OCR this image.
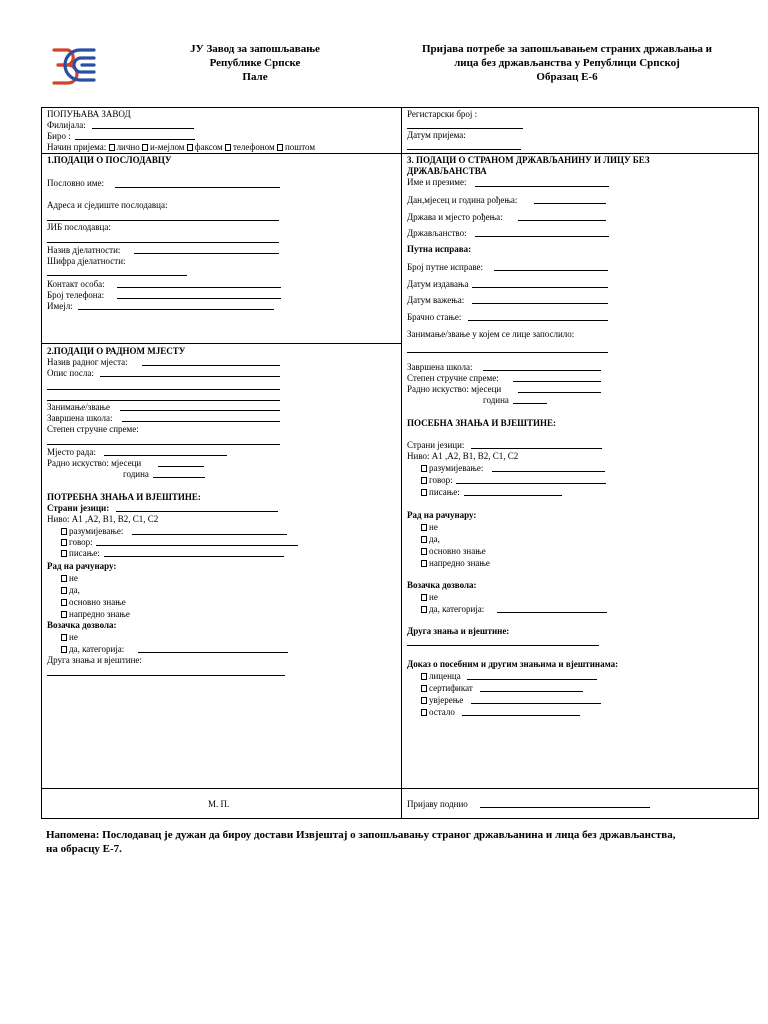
ЈУ Завод за запошљавање
Републике Српске
Пале
Пријава потребе за запошљавањем страних држављања и
лица без држављанства у Републици Српској
Образац Е-6
ПОПУЊАВА ЗАВОД
Филијала:
Биро :
Начин пријема: лично и-мејлом факсом телефоном поштом
Регистарски број :
Датум пријема:
1.ПОДАЦИ О ПОСЛОДАВЦУ
Пословно име:
Адреса и сједиште послодавца:
ЈИБ послодавца:
Назив дјелатности:
Шифра дјелатности:
Контакт особа:
Број телефона:
Имејл:
2.ПОДАЦИ О РАДНОМ МЈЕСТУ
Назив радног мјеста:
Опис посла:
Занимање/звање
Завршена школа:
Степен стручне спреме:
Мјесто рада:
Радно искуство: мјесеци
година
ПОТРЕБНА ЗНАЊА И ВЈЕШТИНЕ:
Страни језици:
Ниво: А1 ,А2, В1, В2, С1, С2
разумијевање:
говор:
писање:
Рад на рачунару:
не
да,
основно знање
напредно знање
Возачка дозвола:
не
да, категорија:
Друга знања и вјештине:
3. ПОДАЦИ О СТРАНОМ ДРЖАВЉАНИНУ И ЛИЦУ БЕЗ
ДРЖАВЉАНСТВА
Име и презиме:
Дан,мјесец и година рођења:
Држава и мјесто рођења:
Држављанство:
Путна исправа:
Број путне исправе:
Датум издавања
Датум важења:
Брачно стање:
Занимање/звање у којем се лице запослило:
Завршена школа:
Степен стручне спреме:
Радно искуство: мјесеци
година
ПОСЕБНА ЗНАЊА И ВЈЕШТИНЕ:
Страни језици:
Ниво: А1 ,А2, В1, В2, С1, С2
разумијевање:
говор:
писање:
Рад на рачунару:
не
да,
основно знање
напредно знање
Возачка дозвола:
не
да, категорија:
Друга знања и вјештине:
Доказ о посебним и другим знањима и вјештинама:
лиценца
сертификат
увјерење
остало
М. П.	Пријаву поднио
Напомена: Послодавац је дужан да бироу достави Извјештај о запошљавању страног држављанина и лица без држављанства, на обрасцу Е-7.
